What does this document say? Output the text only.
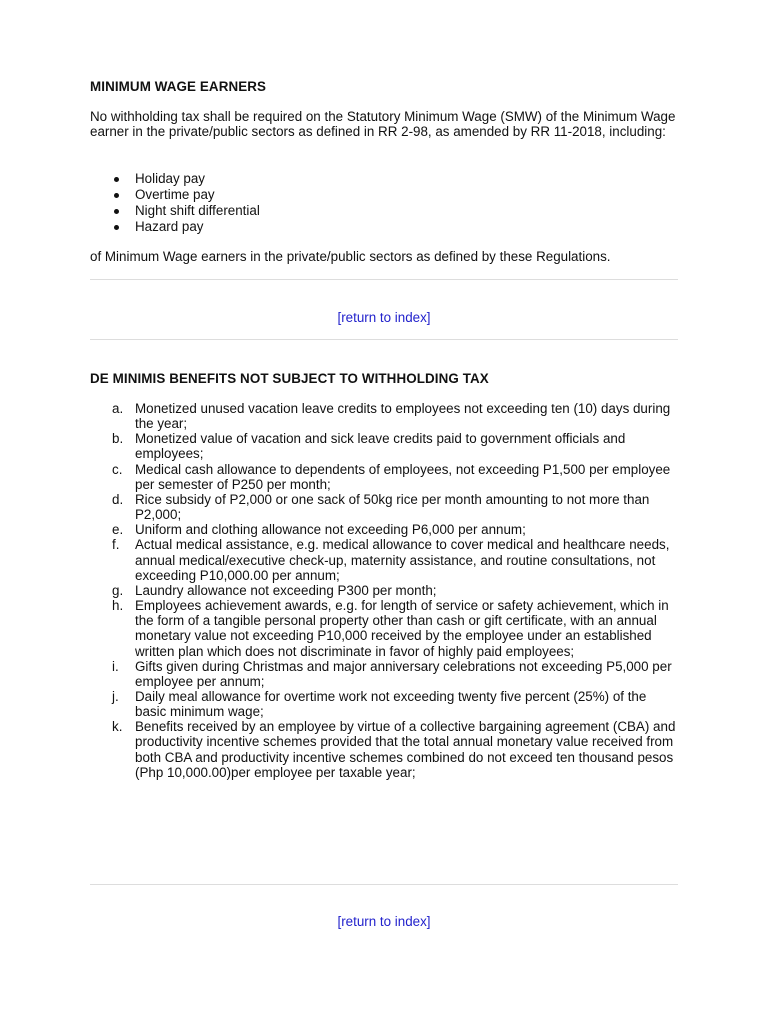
MINIMUM WAGE EARNERS

No withholding tax shall be required on the Statutory Minimum Wage (SMW) of the Minimum Wage earner in the private/public sectors as defined in RR 2-98, as amended by RR 11-2018, including:

Holiday pay
Overtime pay
Night shift differential
Hazard pay

of Minimum Wage earners in the private/public sectors as defined by these Regulations.

[return to index]
DE MINIMIS BENEFITS NOT SUBJECT TO WITHHOLDING TAX
a. Monetized unused vacation leave credits to employees not exceeding ten (10) days during the year;
b. Monetized value of vacation and sick leave credits paid to government officials and employees;
c. Medical cash allowance to dependents of employees, not exceeding P1,500 per employee per semester of P250 per month;
d. Rice subsidy of P2,000 or one sack of 50kg rice per month amounting to not more than P2,000;
e. Uniform and clothing allowance not exceeding P6,000 per annum;
f.	Actual medical assistance, e.g. medical allowance to cover medical and healthcare needs, annual medical/executive check-up, maternity assistance, and routine consultations, not exceeding P10,000.00 per annum;
g. Laundry allowance not exceeding P300 per month;
h. Employees achievement awards, e.g. for length of service or safety achievement, which in the form of a tangible personal property other than cash or gift certificate, with an annual monetary value not exceeding P10,000 received by the employee under an established written plan which does not discriminate in favor of highly paid employees;
i.	Gifts given during Christmas and major anniversary celebrations not exceeding P5,000 per employee per annum;
j.	Daily meal allowance for overtime work not exceeding twenty five percent (25%) of the basic minimum wage;
k. Benefits received by an employee by virtue of a collective bargaining agreement (CBA) and productivity incentive schemes provided that the total annual monetary value received from both CBA and productivity incentive schemes combined do not exceed ten thousand pesos (Php 10,000.00)per employee per taxable year;
[return to index]
